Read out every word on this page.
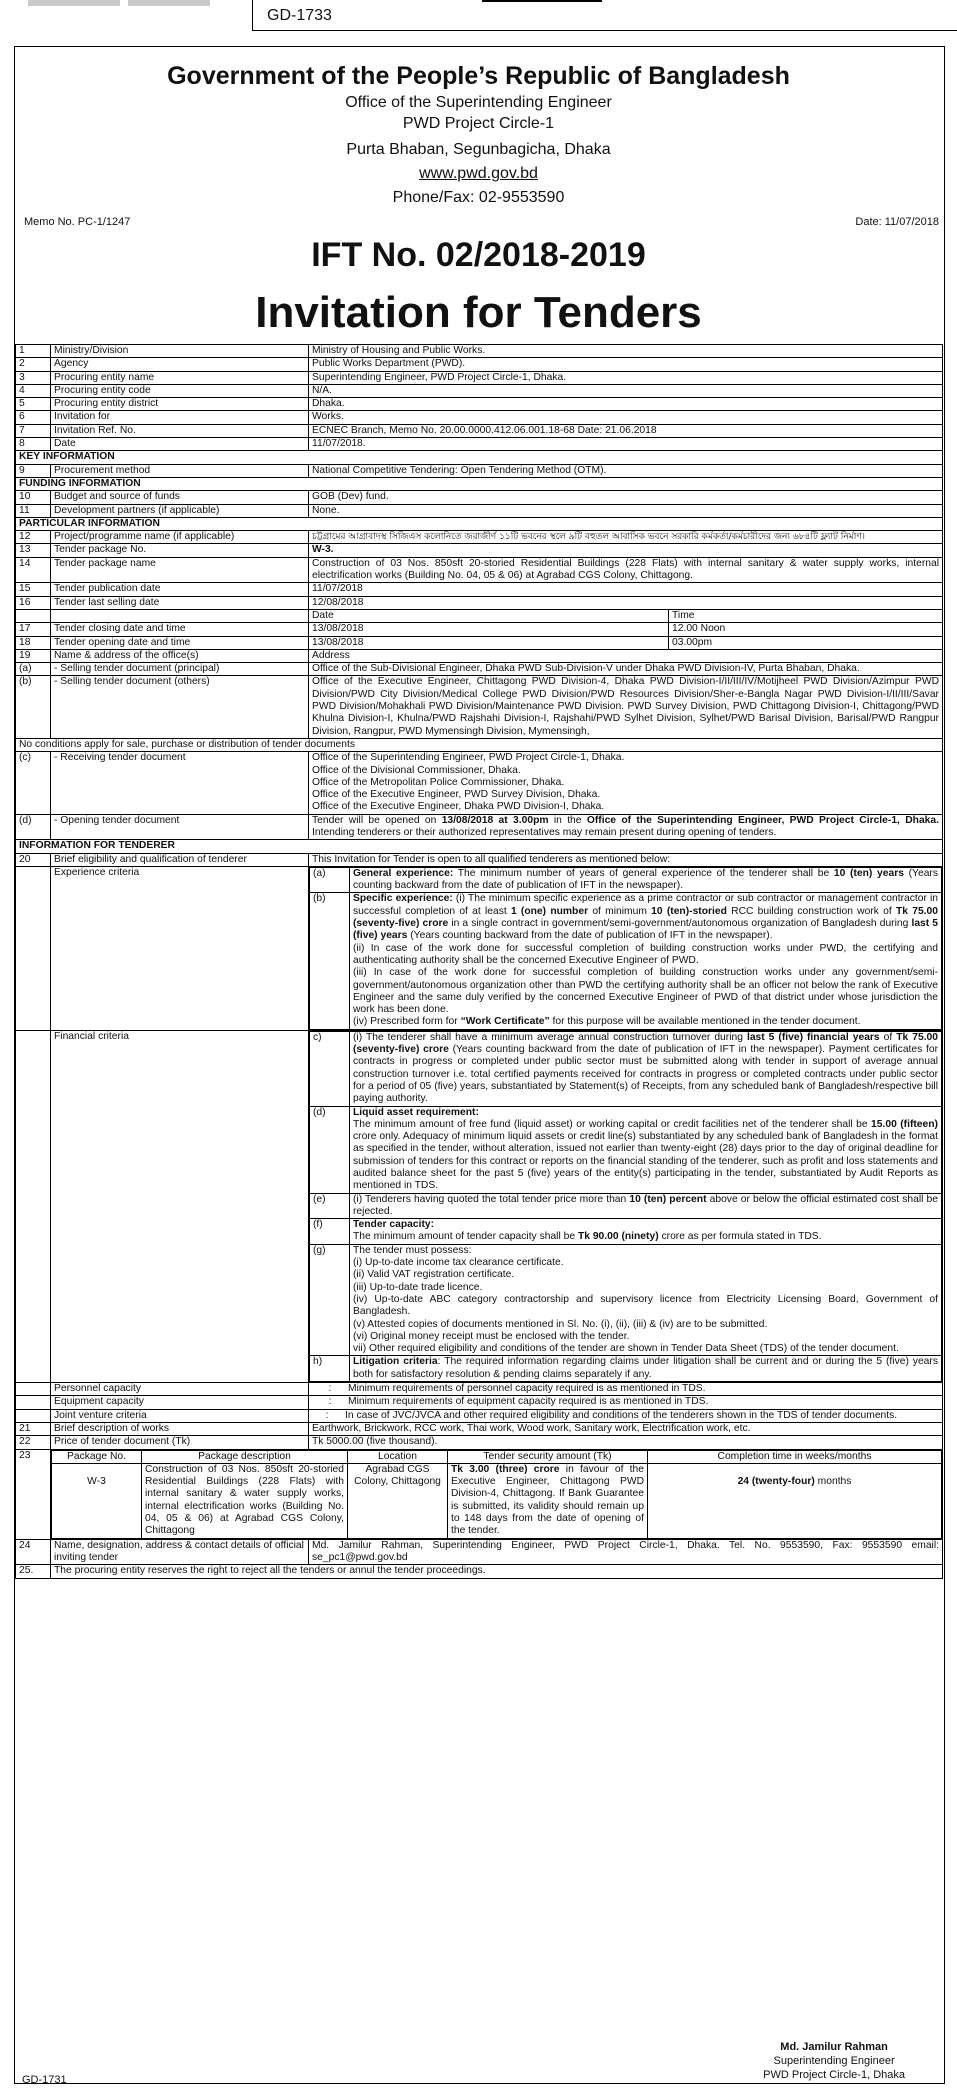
GD-1733
Government of the People’s Republic of Bangladesh
Office of the Superintending Engineer
PWD Project Circle-1
Purta Bhaban, Segunbagicha, Dhaka
www.pwd.gov.bd
Phone/Fax: 02-9553590
Memo No. PC-1/1247	Date: 11/07/2018
IFT No. 02/2018-2019
Invitation for Tenders
1	Ministry/Division	Ministry of Housing and Public Works.
2	Agency	Public Works Department (PWD).
3	Procuring entity name	Superintending Engineer, PWD Project Circle-1, Dhaka.
4	Procuring entity code	N/A.
5	Procuring entity district	Dhaka.
6	Invitation for	Works.
7	Invitation Ref. No.	ECNEC Branch, Memo No. 20.00.0000.412.06.001.18-68 Date: 21.06.2018
8	Date	11/07/2018.
KEY INFORMATION
9	Procurement method	National Competitive Tendering: Open Tendering Method (OTM).
FUNDING INFORMATION
10	Budget and source of funds	GOB (Dev) fund.
11	Development partners (if applicable)	None.
PARTICULAR INFORMATION
12	Project/programme name (if applicable)	চট্টগ্রামের আগ্রাবাদস্থ সিজিএস কলোনিতে জরাজীর্ণ ১১টি ভবনের স্থলে ৯টি বহুতল আবাসিক ভবনে সরকারি কর্মকর্তা/কর্মচারীদের জন্য ৬৮৪টি ফ্ল্যাট নির্মাণ।
13	Tender package No.	W-3.
14	Tender package name	Construction of 03 Nos. 850sft 20-storied Residential Buildings (228 Flats) with internal sanitary & water supply works, internal electrification works (Building No. 04, 05 & 06) at Agrabad CGS Colony, Chittagong.
15	Tender publication date	11/07/2018
16	Tender last selling date	12/08/2018
		Date	Time
17	Tender closing date and time	13/08/2018	12.00 Noon
18	Tender opening date and time	13/08/2018	03.00pm
19	Name & address of the office(s)	Address
(a)	- Selling tender document (principal)	Office of the Sub-Divisional Engineer, Dhaka PWD Sub-Division-V under Dhaka PWD Division-IV, Purta Bhaban, Dhaka.
(b)	- Selling tender document (others)	Office of the Executive Engineer, Chittagong PWD Division-4, Dhaka PWD Division-I/II/III/IV/Motijheel PWD Division/Azimpur PWD Division/PWD City Division/Medical College PWD Division/PWD Resources Division/Sher-e-Bangla Nagar PWD Division-I/II/III/Savar PWD Division/Mohakhali PWD Division/Maintenance PWD Division. PWD Survey Division, PWD Chittagong Division-I, Chittagong/PWD Khulna Division-I, Khulna/PWD Rajshahi Division-I, Rajshahi/PWD Sylhet Division, Sylhet/PWD Barisal Division, Barisal/PWD Rangpur Division, Rangpur, PWD Mymensingh Division, Mymensingh,
No conditions apply for sale, purchase or distribution of tender documents
(c)	- Receiving tender document	Office of the Superintending Engineer, PWD Project Circle-1, Dhaka.
Office of the Divisional Commissioner, Dhaka.
Office of the Metropolitan Police Commissioner, Dhaka.
Office of the Executive Engineer, PWD Survey Division, Dhaka.
Office of the Executive Engineer, Dhaka PWD Division-I, Dhaka.

(d)	- Opening tender document	Tender will be opened on 13/08/2018 at 3.00pm in the Office of the Superintending Engineer, PWD Project Circle-1, Dhaka. Intending tenderers or their authorized representatives may remain present during opening of tenders.
INFORMATION FOR TENDERER
20	Brief eligibility and qualification of tenderer	This Invitation for Tender is open to all qualified tenderers as mentioned below:
	Experience criteria		(a)	General experience: The minimum number of years of general experience of the tenderer shall be 10 (ten) years (Years counting backward from the date of publication of IFT in the newspaper).
(b)	Specific experience: (i) The minimum specific experience as a prime contractor or sub contractor or management contractor in successful completion of at least 1 (one) number of minimum 10 (ten)-storied RCC building construction work of Tk 75.00 (seventy-five) crore in a single contract in government/semi-government/autonomous organization of Bangladesh during last 5 (five) years (Years counting backward from the date of publication of IFT in the newspaper).
(ii) In case of the work done for successful completion of building construction works under PWD, the certifying and authenticating authority shall be the concerned Executive Engineer of PWD.
(iii) In case of the work done for successful completion of building construction works under any government/semi-government/autonomous organization other than PWD the certifying authority shall be an officer not below the rank of Executive Engineer and the same duly verified by the concerned Executive Engineer of PWD of that district under whose jurisdiction the work has been done.
(iv) Prescribed form for “Work Certificate” for this purpose will be available mentioned in the tender document.

	Financial criteria		c)	(i) The tenderer shall have a minimum average annual construction turnover during last 5 (five) financial years of Tk 75.00 (seventy-five) crore (Years counting backward from the date of publication of IFT in the newspaper). Payment certificates for contracts in progress or completed under public sector must be submitted along with tender in support of average annual construction turnover i.e. total certified payments received for contracts in progress or completed contracts under public sector for a period of 05 (five) years, substantiated by Statement(s) of Receipts, from any scheduled bank of Bangladesh/respective bill paying authority.
(d)	Liquid asset requirement:
The minimum amount of free fund (liquid asset) or working capital or credit facilities net of the tenderer shall be 15.00 (fifteen) crore only. Adequacy of minimum liquid assets or credit line(s) substantiated by any scheduled bank of Bangladesh in the format as specified in the tender, without alteration, issued not earlier than twenty-eight (28) days prior to the day of original deadline for submission of tenders for this contract or reports on the financial standing of the tenderer, such as profit and loss statements and audited balance sheet for the past 5 (five) years of the entity(s) participating in the tender, substantiated by Audit Reports as mentioned in TDS.
(e)	(i) Tenderers having quoted the total tender price more than 10 (ten) percent above or below the official estimated cost shall be rejected.
(f)	Tender capacity:
The minimum amount of tender capacity shall be Tk 90.00 (ninety) crore as per formula stated in TDS.
(g)	The tender must possess:
(i) Up-to-date income tax clearance certificate.
(ii) Valid VAT registration certificate.
(iii) Up-to-date trade licence.
(iv) Up-to-date ABC category contractorship and supervisory licence from Electricity Licensing Board, Government of Bangladesh.
(v) Attested copies of documents mentioned in Sl. No. (i), (ii), (iii) & (iv) are to be submitted.
(vi) Original money receipt must be enclosed with the tender.
vii) Other required eligibility and conditions of the tender are shown in Tender Data Sheet (TDS) of the tender document.

h)	Litigation criteria: The required information regarding claims under litigation shall be current and or during the 5 (five) years both for satisfactory resolution & pending claims separately if any.

	Personnel capacity	: Minimum requirements of personnel capacity required is as mentioned in TDS.
	Equipment capacity	: Minimum requirements of equipment capacity required is as mentioned in TDS.
	Joint venture criteria	:	In case of JVC/JVCA and other required eligibility and conditions of the tenderers shown in the TDS of tender documents.

21	Brief description of works	Earthwork, Brickwork, RCC work, Thai work, Wood work, Sanitary work, Electrification work, etc.
22	Price of tender document (Tk)	Tk 5000.00 (five thousand).
23		Package No.	Package description	Location	Tender security amount (Tk)	Completion time in weeks/months
W-3	Construction of 03 Nos. 850sft 20-storied Residential Buildings (228 Flats) with internal sanitary & water supply works, internal electrification works (Building No. 04, 05 & 06) at Agrabad CGS Colony, Chittagong	Agrabad CGS Colony, Chittagong	Tk 3.00 (three) crore in favour of the Executive Engineer, Chittagong PWD Division-4, Chittagong. If Bank Guarantee is submitted, its validity should remain up to 148 days from the date of opening of the tender.	24 (twenty-four) months

24	Name, designation, address & contact details of official inviting tender	Md. Jamilur Rahman, Superintending Engineer, PWD Project Circle-1, Dhaka. Tel. No. 9553590, Fax: 9553590 email: se_pc1@pwd.gov.bd
25.	The procuring entity reserves the right to reject all the tenders or annul the tender proceedings.
Md. Jamilur Rahman
Superintending Engineer
PWD Project Circle-1, Dhaka
GD-1731
